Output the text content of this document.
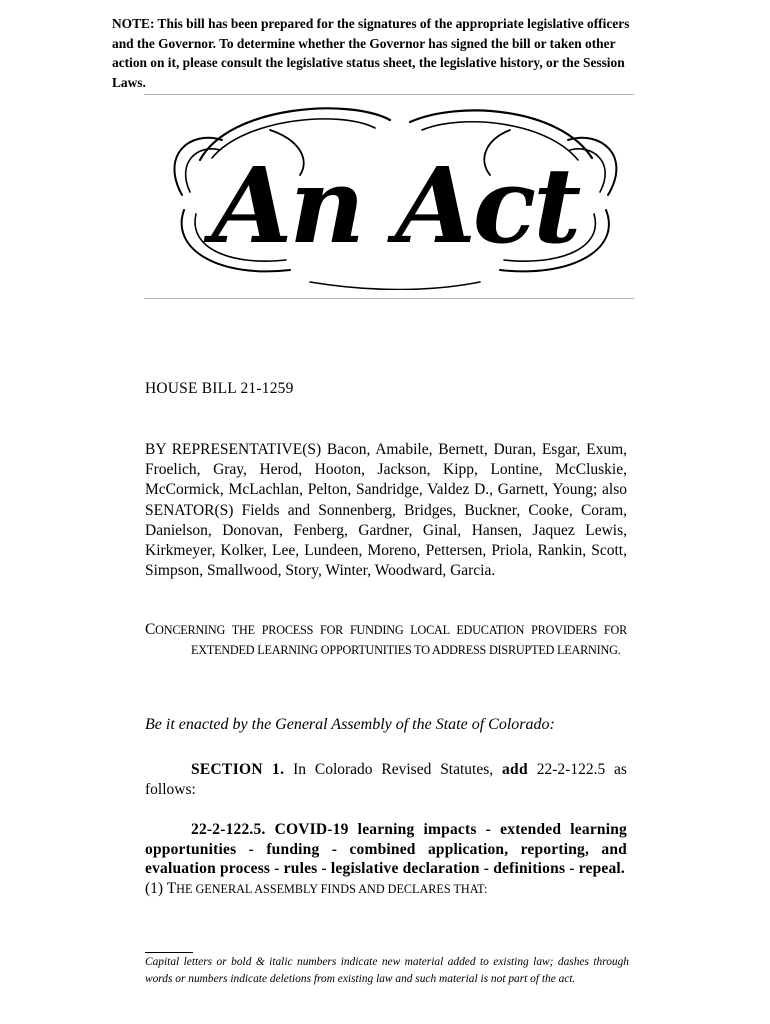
NOTE: This bill has been prepared for the signatures of the appropriate legislative officers and the Governor. To determine whether the Governor has signed the bill or taken other action on it, please consult the legislative status sheet, the legislative history, or the Session Laws.
An Act
HOUSE BILL 21-1259
BY REPRESENTATIVE(S) Bacon, Amabile, Bernett, Duran, Esgar, Exum, Froelich, Gray, Herod, Hooton, Jackson, Kipp, Lontine, McCluskie, McCormick, McLachlan, Pelton, Sandridge, Valdez D., Garnett, Young; also SENATOR(S) Fields and Sonnenberg, Bridges, Buckner, Cooke, Coram, Danielson, Donovan, Fenberg, Gardner, Ginal, Hansen, Jaquez Lewis, Kirkmeyer, Kolker, Lee, Lundeen, Moreno, Pettersen, Priola, Rankin, Scott, Simpson, Smallwood, Story, Winter, Woodward, Garcia.
CONCERNING THE PROCESS FOR FUNDING LOCAL EDUCATION PROVIDERS FOR EXTENDED LEARNING OPPORTUNITIES TO ADDRESS DISRUPTED LEARNING.
Be it enacted by the General Assembly of the State of Colorado:
SECTION 1. In Colorado Revised Statutes, add 22-2-122.5 as follows:
22-2-122.5. COVID-19 learning impacts - extended learning opportunities - funding - combined application, reporting, and evaluation process - rules - legislative declaration - definitions - repeal.
(1) THE GENERAL ASSEMBLY FINDS AND DECLARES THAT:
Capital letters or bold & italic numbers indicate new material added to existing law; dashes through words or numbers indicate deletions from existing law and such material is not part of the act.
